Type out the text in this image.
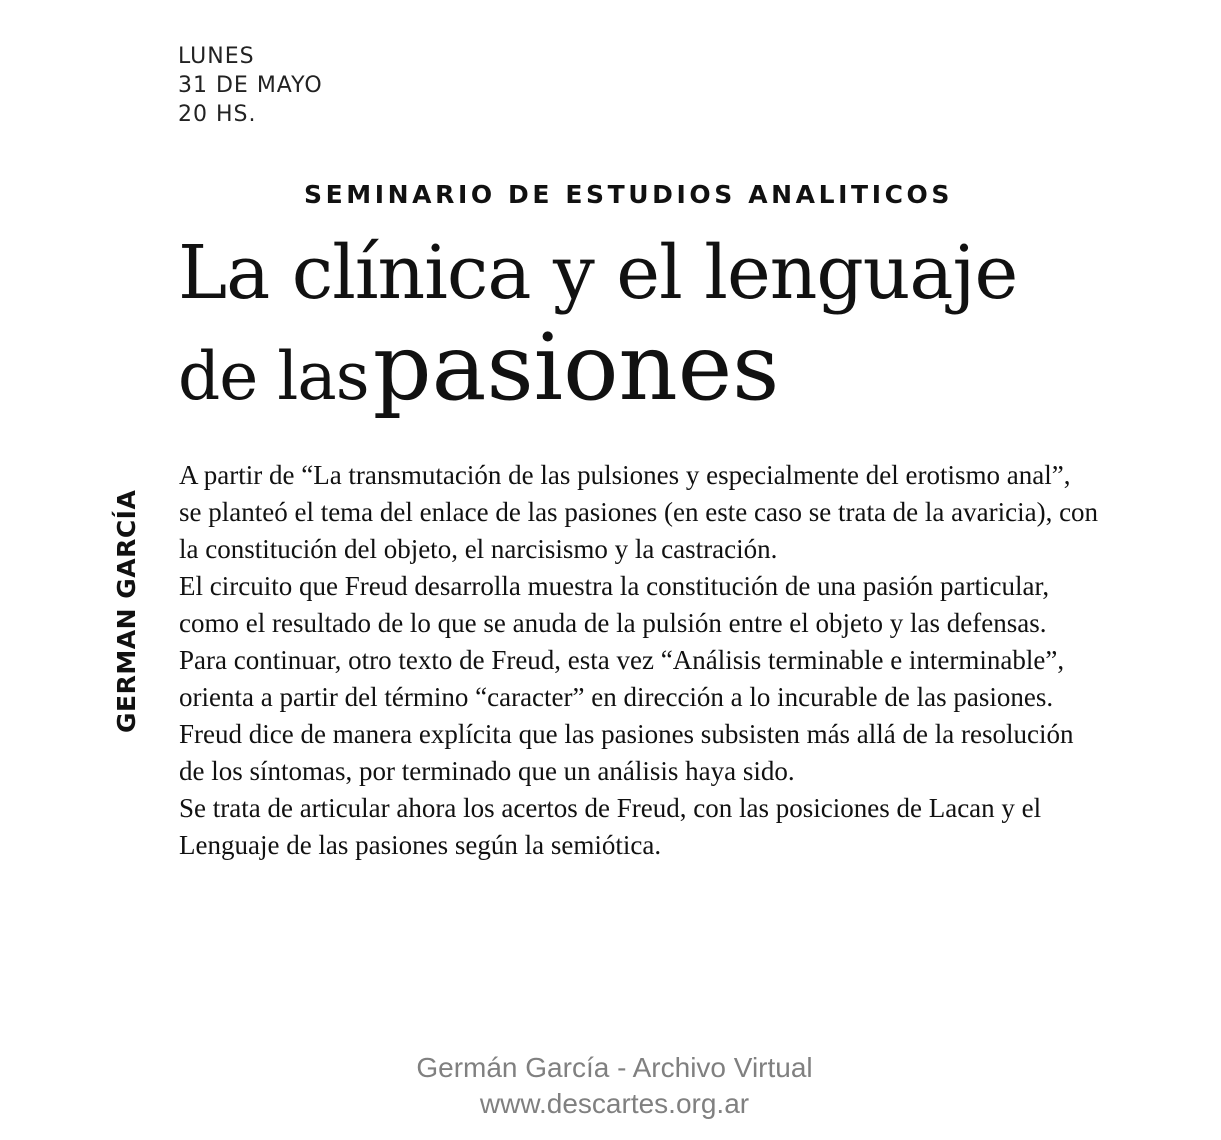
LUNES
31 DE MAYO
20 HS.
SEMINARIO DE ESTUDIOS ANALITICOS
La clínica y el lenguaje
de las pasiones
GERMAN GARCÍA

A partir de “La transmutación de las pulsiones y especialmente del erotismo anal”, se planteó el tema del enlace de las pasiones (en este caso se trata de la avaricia), con la constitución del objeto, el narcisismo y la castración.

El circuito que Freud desarrolla muestra la constitución de una pasión particular, como el resultado de lo que se anuda de la pulsión entre el objeto y las defensas.

Para continuar, otro texto de Freud, esta vez “Análisis terminable e interminable”, orienta a partir del término “caracter” en dirección a lo incurable de las pasiones.

Freud dice de manera explícita que las pasiones subsisten más allá de la resolución de los síntomas, por terminado que un análisis haya sido.

Se trata de articular ahora los acertos de Freud, con las posiciones de Lacan y el Lenguaje de las pasiones según la semiótica.

Germán García - Archivo Virtual
www.descartes.org.ar
